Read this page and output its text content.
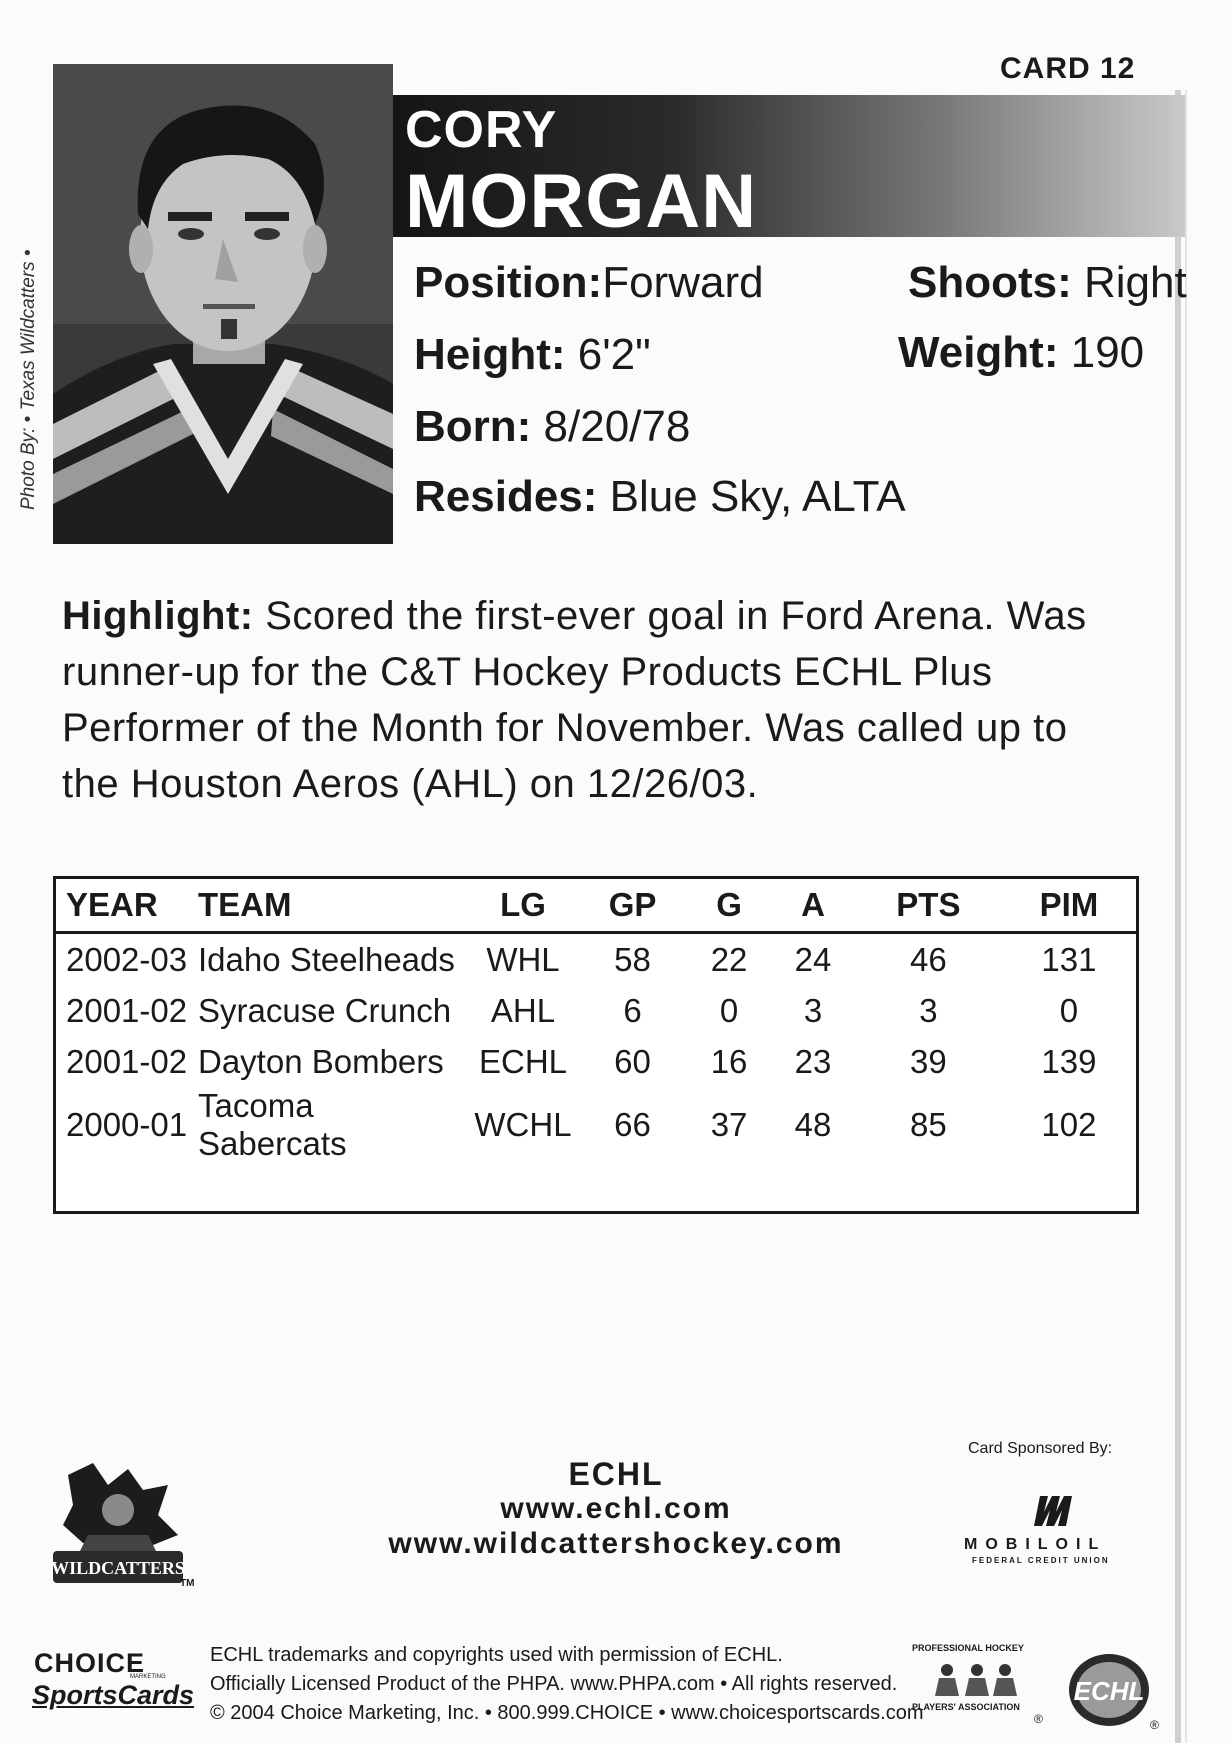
CARD 12
CORY
MORGAN
Photo By: • Texas Wildcatters •	Position:Forward	Shoots: Right
Height: 6'2"	Weight: 190
Born: 8/20/78
Resides: Blue Sky, ALTA
Highlight: Scored the first-ever goal in Ford Arena. Was runner-up for the C&T Hockey Products ECHL Plus Performer of the Month for November. Was called up to the Houston Aeros (AHL) on 12/26/03.
YEAR	TEAM	LG	GP	G	A	PTS	PIM
2002-03	Idaho Steelheads	WHL	58	22	24	46	131
2001-02	Syracuse Crunch	AHL	6	0	3	3	0
2001-02	Dayton Bombers	ECHL	60	16	23	39	139
2000-01	Tacoma Sabercats	WCHL	66	37	48	85	102
WILDCATTERS
TM
ECHL
www.echl.com
www.wildcattershockey.com
Card Sponsored By:
MOBILOIL
FEDERAL CREDIT UNION
CHOICE
MARKETING
SportsCards
ECHL trademarks and copyrights used with permission of ECHL.
Officially Licensed Product of the PHPA. www.PHPA.com • All rights reserved.
© 2004 Choice Marketing, Inc. • 800.999.CHOICE • www.choicesportscards.com
PROFESSIONAL HOCKEY
PLAYERS' ASSOCIATION
®
ECHL
®
